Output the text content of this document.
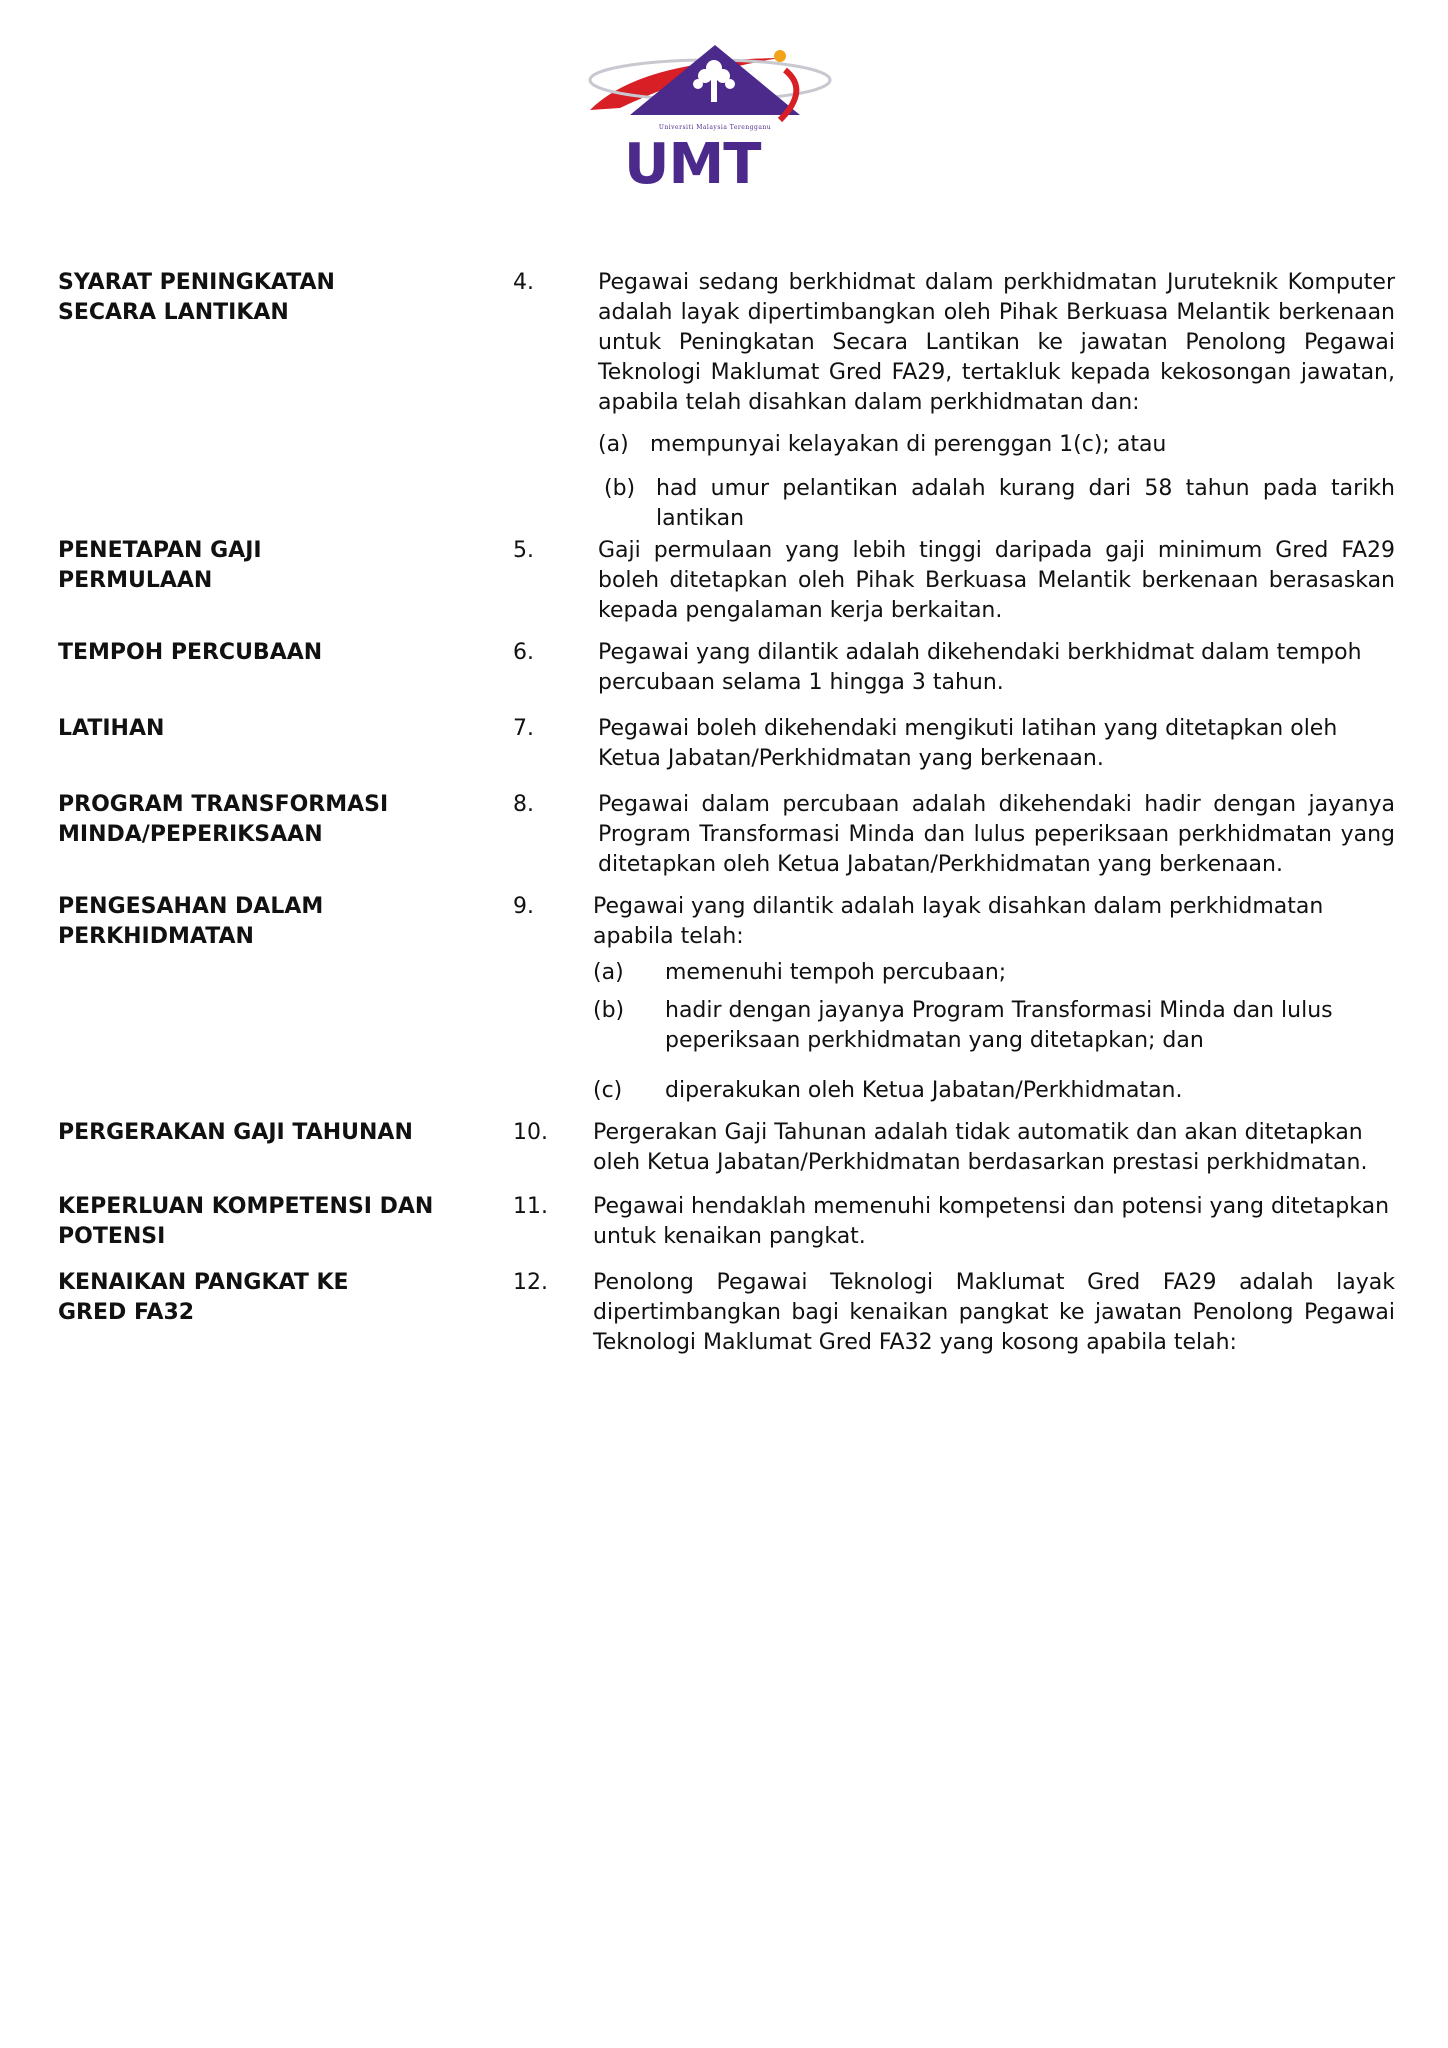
Universiti Malaysia Terengganu
UMT
SYARAT PENINGKATAN
SECARA LANTIKAN
4.	Pegawai sedang berkhidmat dalam perkhidmatan Juruteknik Komputer adalah layak dipertimbangkan oleh Pihak Berkuasa Melantik berkenaan untuk Peningkatan Secara Lantikan ke jawatan Penolong Pegawai Teknologi Maklumat Gred FA29, tertakluk kepada kekosongan jawatan, apabila telah disahkan dalam perkhidmatan dan:

(a) mempunyai kelayakan di perenggan 1(c); atau
(b) had umur pelantikan adalah kurang dari 58 tahun pada tarikh lantikan
PENETAPAN GAJI
PERMULAAN
5.	Gaji permulaan yang lebih tinggi daripada gaji minimum Gred FA29 boleh ditetapkan oleh Pihak Berkuasa Melantik berkenaan berasaskan kepada pengalaman kerja berkaitan.
TEMPOH PERCUBAAN	6.	Pegawai yang dilantik adalah dikehendaki berkhidmat dalam tempoh percubaan selama 1 hingga 3 tahun.
LATIHAN	7.	Pegawai boleh dikehendaki mengikuti latihan yang ditetapkan oleh Ketua Jabatan/Perkhidmatan yang berkenaan.
PROGRAM TRANSFORMASI
MINDA/PEPERIKSAAN
8.	Pegawai dalam percubaan adalah dikehendaki hadir dengan jayanya Program Transformasi Minda dan lulus peperiksaan perkhidmatan yang ditetapkan oleh Ketua Jabatan/Perkhidmatan yang berkenaan.
PENGESAHAN DALAM
PERKHIDMATAN
9.	Pegawai yang dilantik adalah layak disahkan dalam perkhidmatan apabila telah:

(a)	memenuhi tempoh percubaan;
(b)	hadir dengan jayanya Program Transformasi Minda dan lulus peperiksaan perkhidmatan yang ditetapkan; dan
(c)	diperakukan oleh Ketua Jabatan/Perkhidmatan.
PERGERAKAN GAJI TAHUNAN	10.	Pergerakan Gaji Tahunan adalah tidak automatik dan akan ditetapkan oleh Ketua Jabatan/Perkhidmatan berdasarkan prestasi perkhidmatan.
KEPERLUAN KOMPETENSI DAN
POTENSI
11.	Pegawai hendaklah memenuhi kompetensi dan potensi yang ditetapkan untuk kenaikan pangkat.
KENAIKAN PANGKAT KE
GRED FA32
12.	Penolong Pegawai Teknologi Maklumat Gred FA29 adalah layak dipertimbangkan bagi kenaikan pangkat ke jawatan Penolong Pegawai Teknologi Maklumat Gred FA32 yang kosong apabila telah:
